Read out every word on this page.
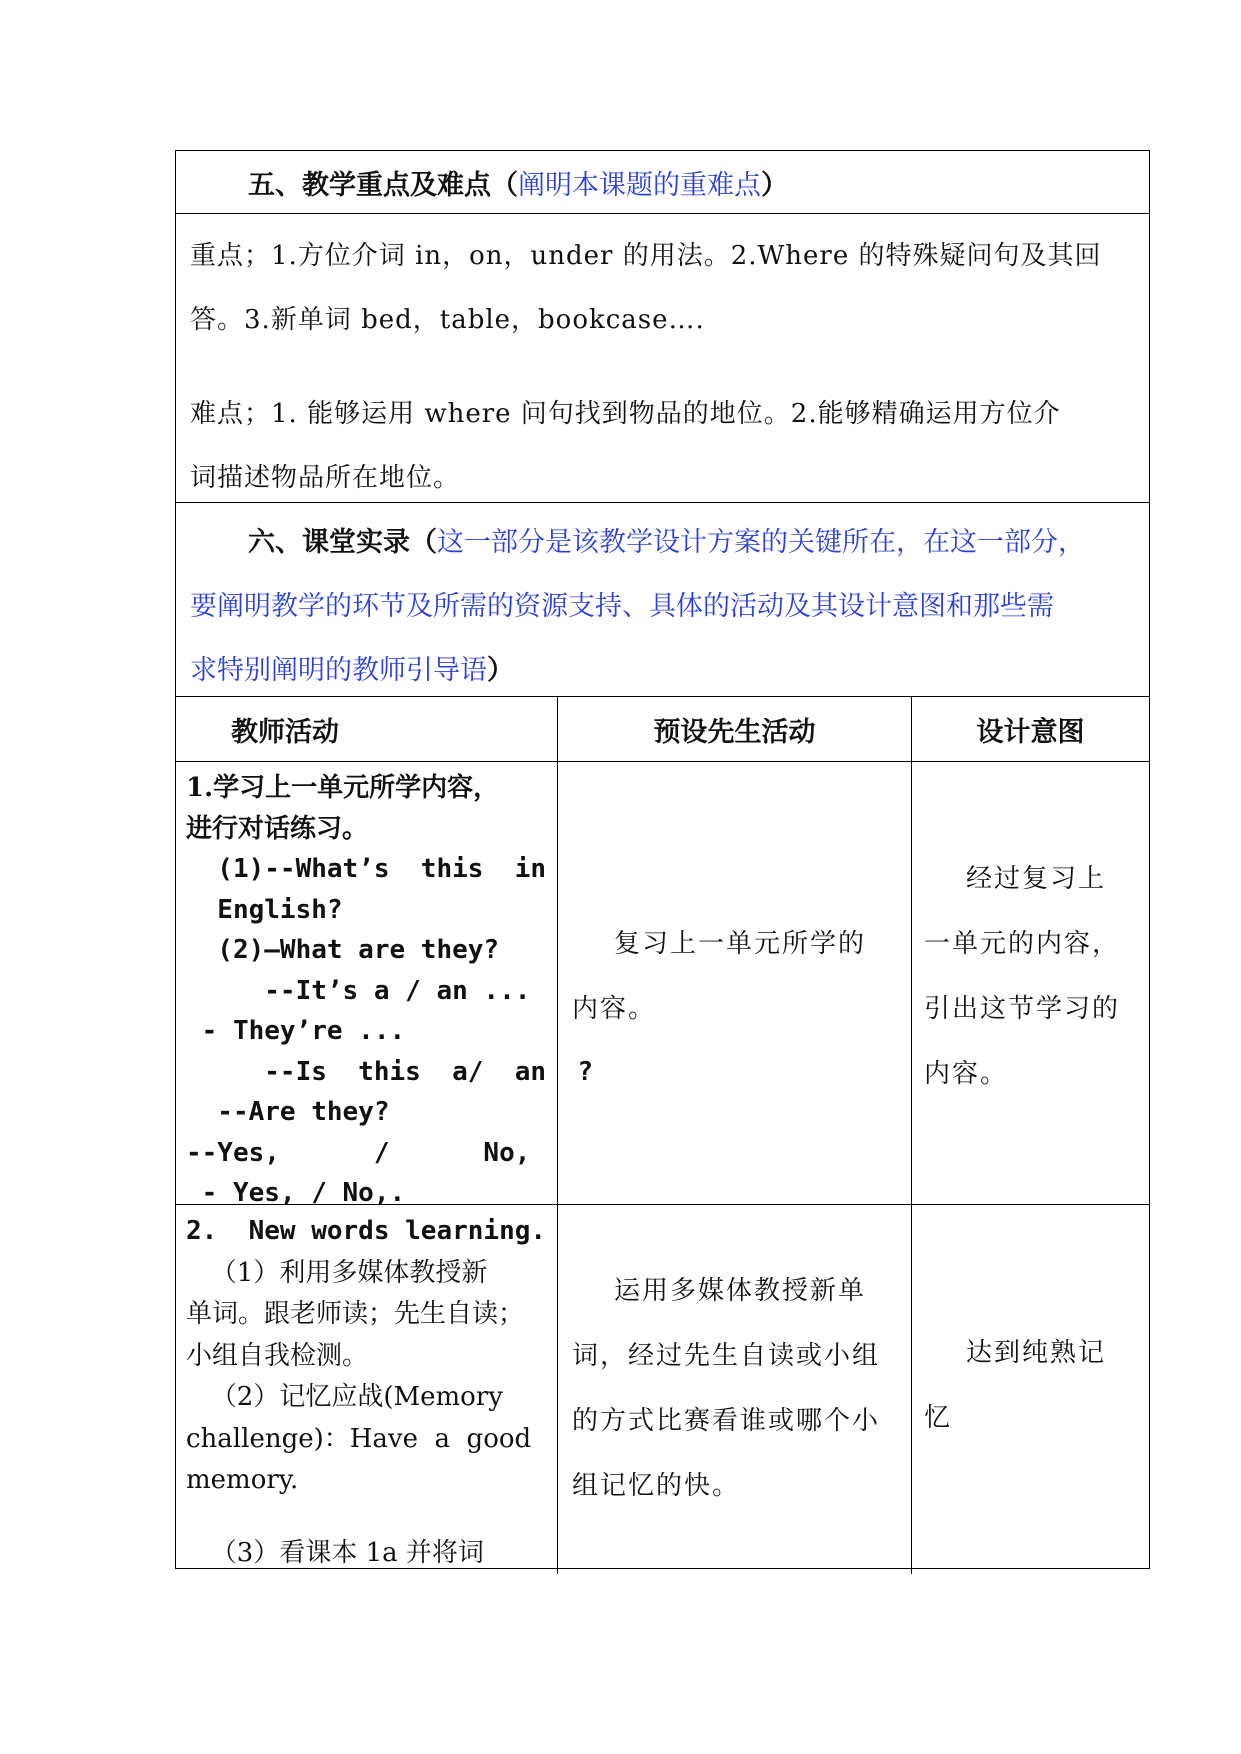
五、教学重点及难点（ 阐明本课题的重难点 ）

重点；1.方位介词 in，on，under 的用法。2.Where 的特殊疑问句及其回

答。3.新单词 bed，table，bookcase….

难点；1. 能够运用 where 问句找到物品的地位。2.能够精确运用方位介

词描述物品所在地位。

六、课堂实录（这一部分是该教学设计方案的关键所在，在这一部分，
要阐明教学的环节及所需的资源支持、具体的活动及其设计意图和那些需
求特别阐明的教师引导语）
教师活动	预设先生活动	设计意图
1.学习上一单元所学内容，
进行对话练习。
(1)--What’s  this  in
English?
(2)—What are they?
--It’s a / an ...
- They’re ...
--Is  this  a/  an  ?
--Are they?
--Yes,      /      No,
- Yes, / No,.
复习上一单元所学的
内容。
经过复习上
一单元的内容，
引出这节学习的
内容。
2.  New words learning.
（1）利用多媒体教授新
单词。跟老师读；先生自读；
小组自我检测。
（2）记忆应战(Memory
challenge)：Have  a  good
memory.
（3）看课本 1a 并将词
运用多媒体教授新单
词，经过先生自读或小组
的方式比赛看谁或哪个小
组记忆的快。
达到纯熟记
忆
